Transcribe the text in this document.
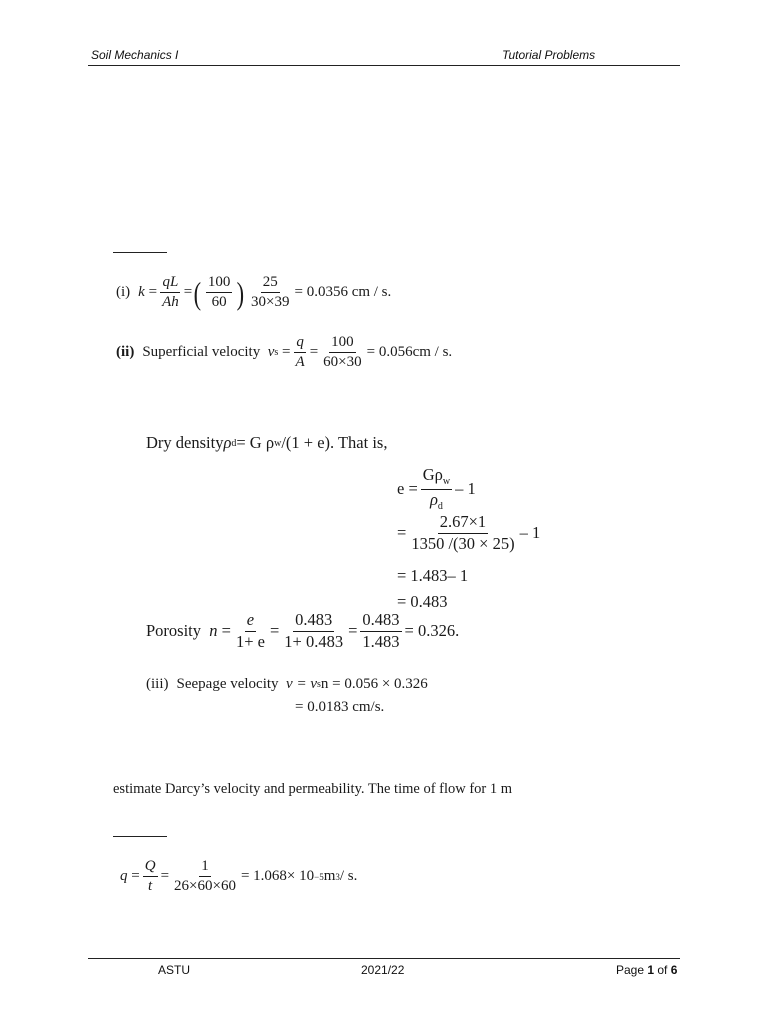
Soil Mechanics I	Tutorial Problems
(i) $k = \frac{qL}{Ah}$ = ( $\frac{100}{60}$ ) $\frac{25}{30\times 39} = 0.0356$ cm / s.
(ii) Superficial velocity
v $s = \frac{q}{A} = \frac{100}{60\times 30} = 0.056cm / s$.
Dry density ρ d = G ρ w /(1 + e). That is,
$e = \frac{G\rho_w}{\rho_d} - 1$
= $\frac{2.67\times 1}{1350 /(30 \times 25)} - 1$
= 1.483– 1
= 0.483
Porosity
$n = \frac{e}{1+ e} = \frac{0.483}{1+ 0.483} = \frac{0.483}{1.483} = 0.326$.
(iii) Seepage velocity
v = v s n = 0.056 × 0.326
= 0.0183 cm/s.
estimate Darcy’s velocity and permeability. The time of flow for 1 m
$q = \frac{Q}{t} = \frac{1}{26\times 60\times 60} = 1.068\times 10 -5$ m 3 / s.
ASTU	2021/22	Page 1 of 6
